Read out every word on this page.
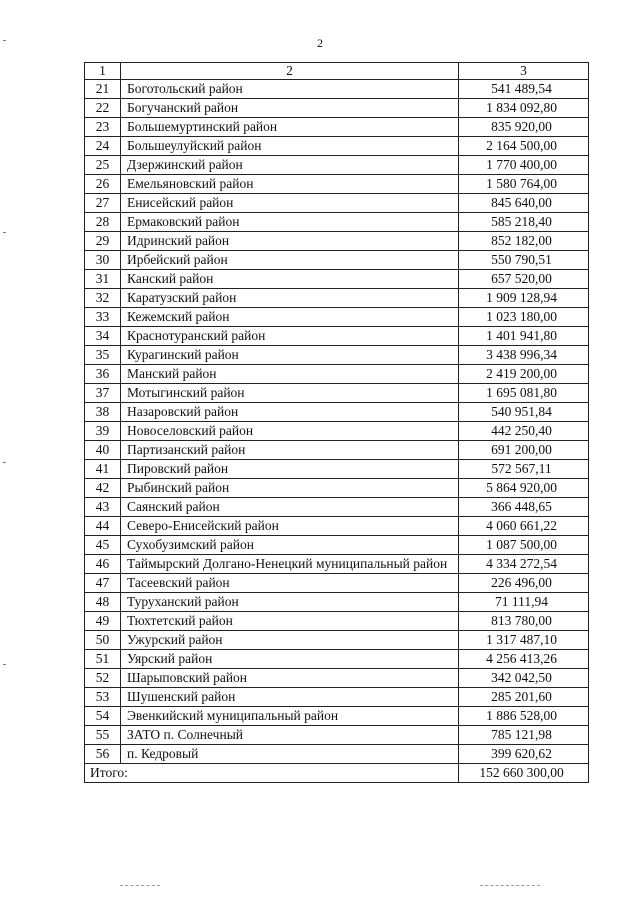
2
1	2	3
21	Боготольский район	541 489,54
22	Богучанский район	1 834 092,80
23	Большемуртинский район	835 920,00
24	Большеулуйский район	2 164 500,00
25	Дзержинский район	1 770 400,00
26	Емельяновский район	1 580 764,00
27	Енисейский район	845 640,00
28	Ермаковский район	585 218,40
29	Идринский район	852 182,00
30	Ирбейский район	550 790,51
31	Канский район	657 520,00
32	Каратузский район	1 909 128,94
33	Кежемский район	1 023 180,00
34	Краснотуранский район	1 401 941,80
35	Курагинский район	3 438 996,34
36	Манский район	2 419 200,00
37	Мотыгинский район	1 695 081,80
38	Назаровский район	540 951,84
39	Новоселовский район	442 250,40
40	Партизанский район	691 200,00
41	Пировский район	572 567,11
42	Рыбинский район	5 864 920,00
43	Саянский район	366 448,65
44	Северо-Енисейский район	4 060 661,22
45	Сухобузимский район	1 087 500,00
46	Таймырский Долгано-Ненецкий муниципальный район	4 334 272,54
47	Тасеевский район	226 496,00
48	Туруханский район	71 111,94
49	Тюхтетский район	813 780,00
50	Ужурский район	1 317 487,10
51	Уярский район	4 256 413,26
52	Шарыповский район	342 042,50
53	Шушенский район	285 201,60
54	Эвенкийский муниципальный район	1 886 528,00
55	ЗАТО п. Солнечный	785 121,98
56	п. Кедровый	399 620,62
Итого:		152 660 300,00
